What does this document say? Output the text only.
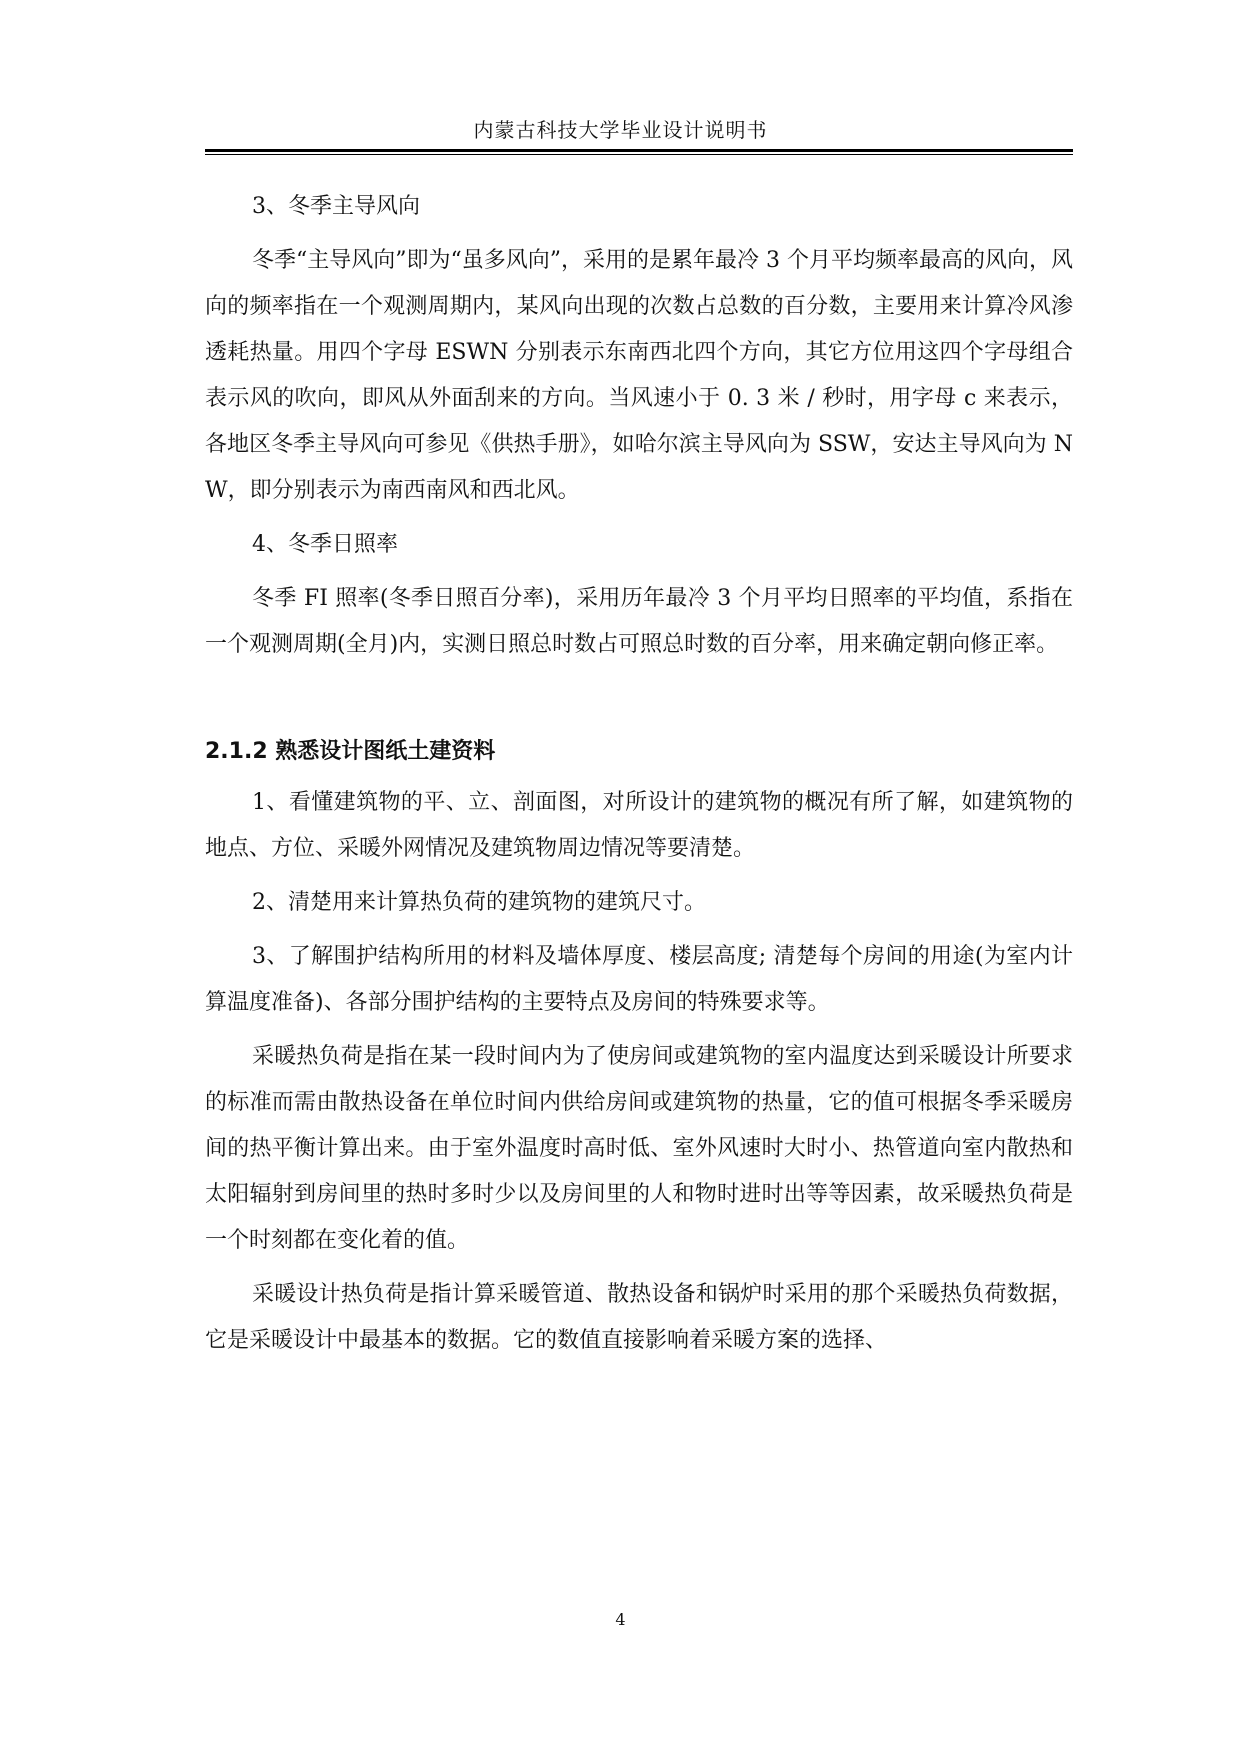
内蒙古科技大学毕业设计说明书

3、冬季主导风向

冬季“主导风向”即为“虽多风向”，采用的是累年最冷 3 个月平均频率最高的风向，风向的频率指在一个观测周期内，某风向出现的次数占总数的百分数，主要用来计算冷风渗透耗热量。用四个字母 ESWN 分别表示东南西北四个方向，其它方位用这四个字母组合表示风的吹向，即风从外面刮来的方向。当风速小于 0. 3 米 / 秒时，用字母 c 来表示，各地区冬季主导风向可参见《供热手册》，如哈尔滨主导风向为 SSW，安达主导风向为 NW，即分别表示为南西南风和西北风。

4、冬季日照率

冬季 FI 照率(冬季日照百分率)，采用历年最冷 3 个月平均日照率的平均值，系指在一个观测周期(全月)内，实测日照总时数占可照总时数的百分率，用来确定朝向修正率。

2.1.2 熟悉设计图纸土建资料

1、看懂建筑物的平、立、剖面图，对所设计的建筑物的概况有所了解，如建筑物的地点、方位、采暖外网情况及建筑物周边情况等要清楚。

2、清楚用来计算热负荷的建筑物的建筑尺寸。

3、了解围护结构所用的材料及墙体厚度、楼层高度; 清楚每个房间的用途(为室内计算温度准备)、各部分围护结构的主要特点及房间的特殊要求等。

采暖热负荷是指在某一段时间内为了使房间或建筑物的室内温度达到采暖设计所要求的标准而需由散热设备在单位时间内供给房间或建筑物的热量，它的值可根据冬季采暖房间的热平衡计算出来。由于室外温度时高时低、室外风速时大时小、热管道向室内散热和太阳辐射到房间里的热时多时少以及房间里的人和物时进时出等等因素，故采暖热负荷是一个时刻都在变化着的值。

采暖设计热负荷是指计算采暖管道、散热设备和锅炉时采用的那个采暖热负荷数据，它是采暖设计中最基本的数据。它的数值直接影响着采暖方案的选择、

4
